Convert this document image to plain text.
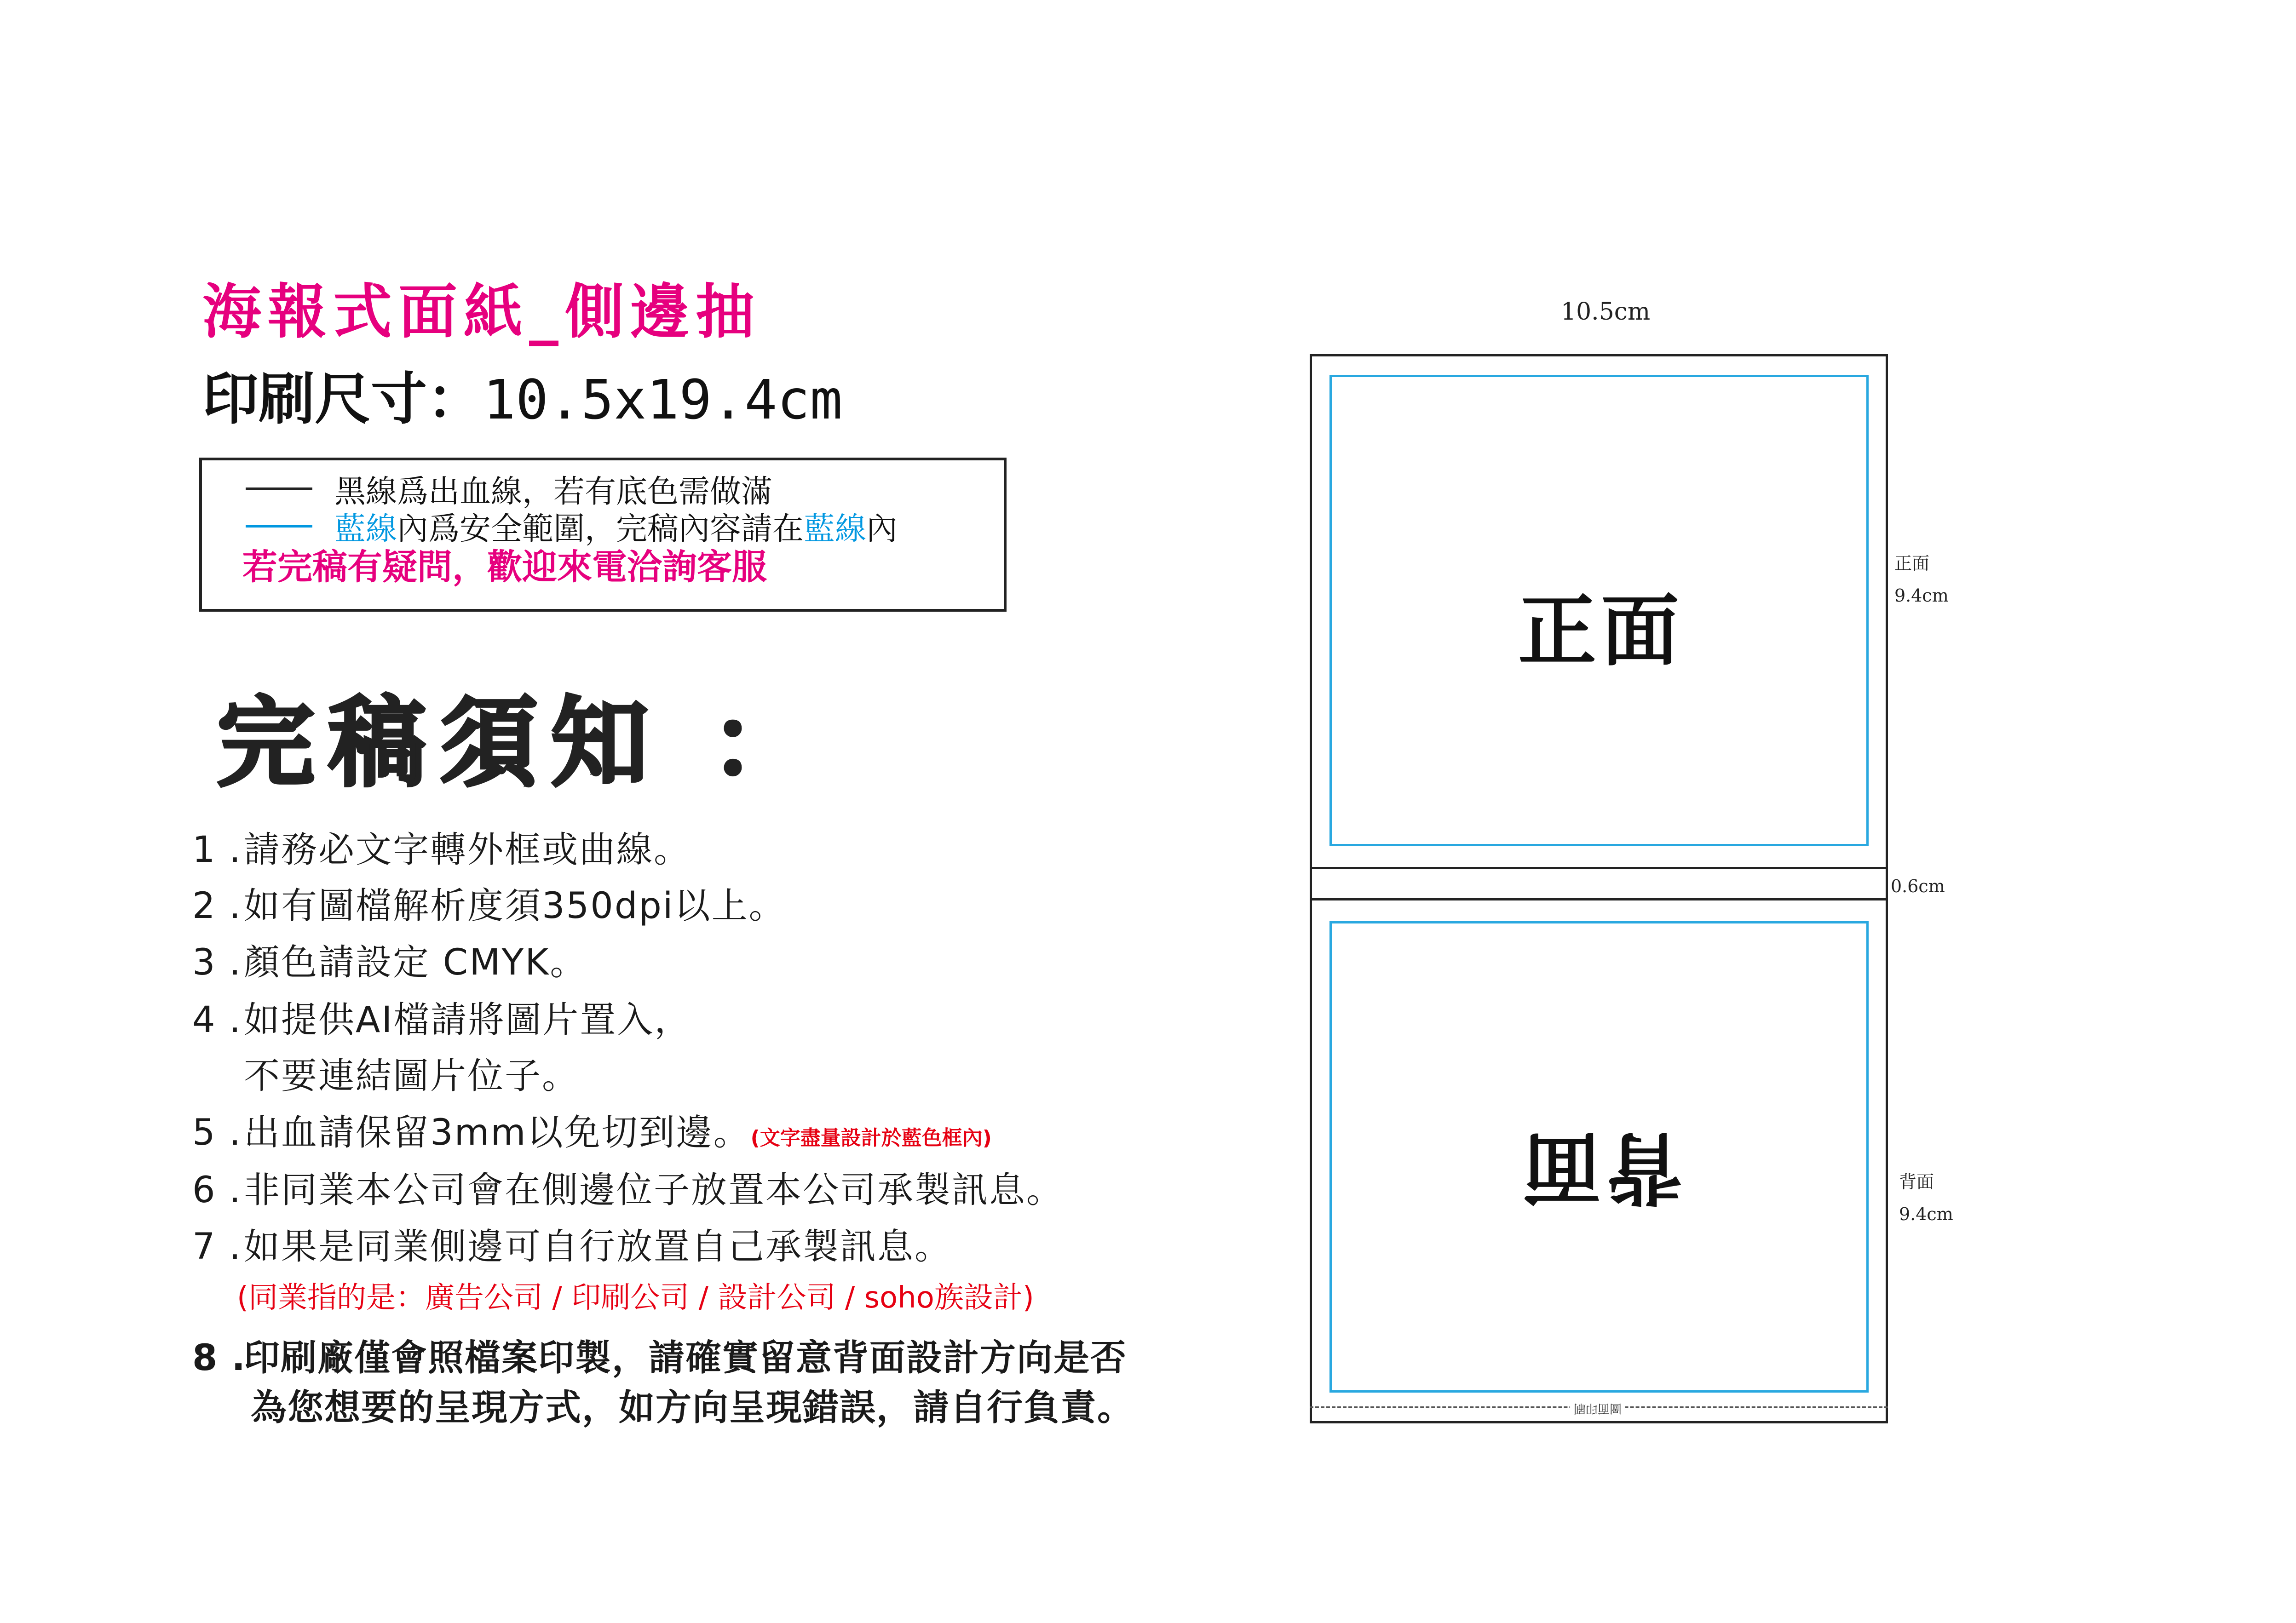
海報式面紙_側邊抽
印刷尺寸：10.5x19.4cm
黑線爲出血線，若有底色需做滿
藍線 內爲安全範圍，完稿內容請在 藍線 內
若完稿有疑問，歡迎來電洽詢客服
完稿須知 ：
1 .請務必文字轉外框或曲線。
2 .如有圖檔解析度須350dpi以上。
3 .顏色請設定 CMYK。
4 .如提供AI檔請將圖片置入，
不要連結圖片位子。
5 .出血請保留3mm以免切到邊。(文字盡量設計於藍色框內)
6 .非同業本公司會在側邊位子放置本公司承製訊息。
7 .如果是同業側邊可自行放置自己承製訊息。
(同業指的是：廣告公司 / 印刷公司 / 設計公司 / soho族設計)
8 .印刷廠僅會照檔案印製，請確實留意背面設計方向是否
為您想要的呈現方式，如方向呈現錯誤，請自行負責。
10.5cm
正面
背面
圖面印刷
正面
9.4cm
0.6cm
背面
9.4cm
